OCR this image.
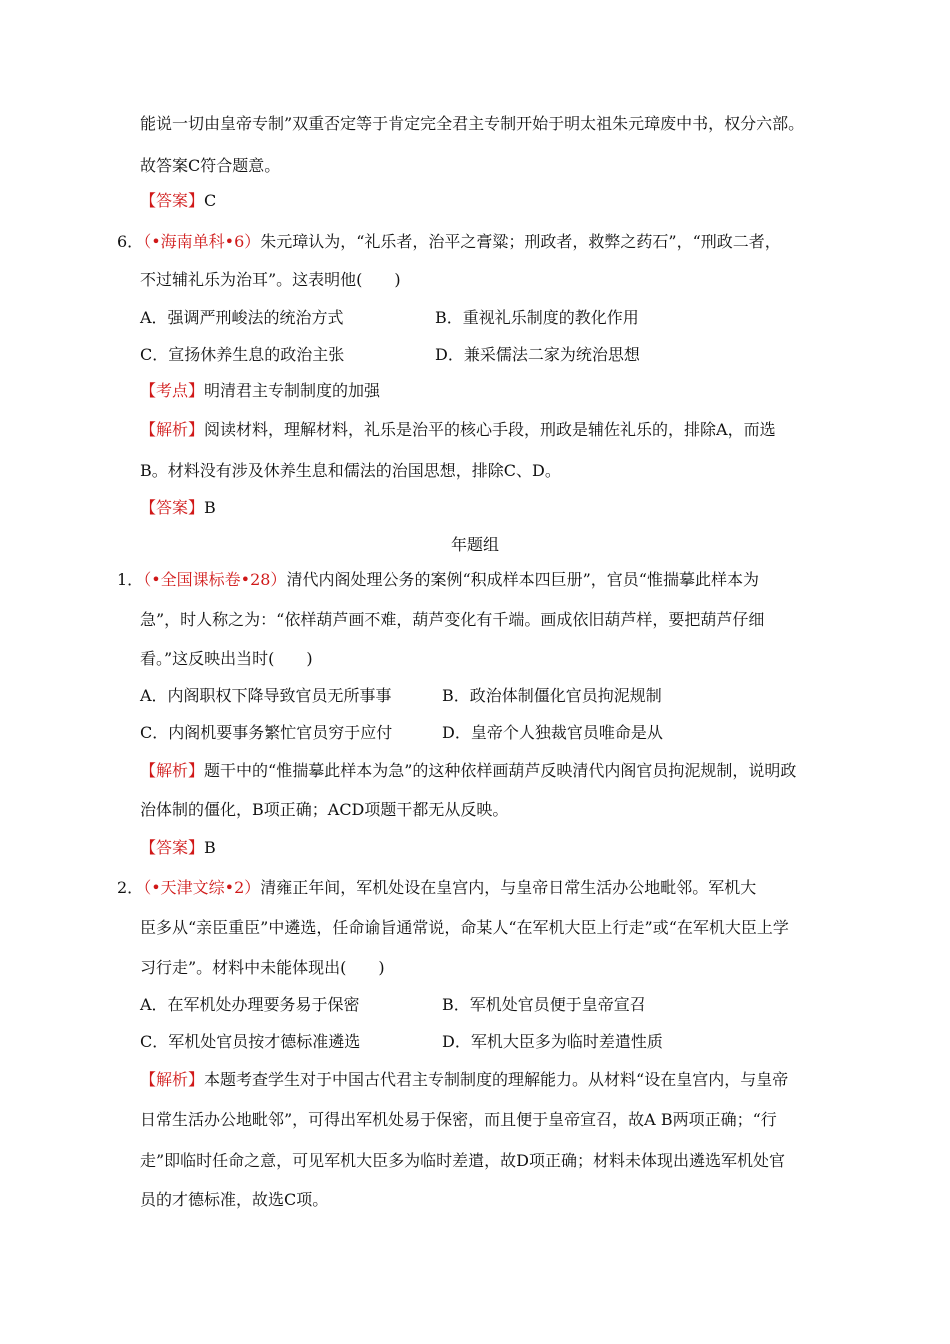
能说一切由皇帝专制”双重否定等于肯定完全君主专制开始于明太祖朱元璋废中书，权分六部。
故答案C符合题意。
【答案】C
6．（•海南单科•6）朱元璋认为，“礼乐者，治平之膏粱；刑政者，救弊之药石”，“刑政二者，
不过辅礼乐为治耳”。这表明他(　　)
A．强调严刑峻法的统治方式	B．重视礼乐制度的教化作用
C．宣扬休养生息的政治主张	D．兼采儒法二家为统治思想
【考点】明清君主专制制度的加强
【解析】阅读材料，理解材料，礼乐是治平的核心手段，刑政是辅佐礼乐的，排除A，而选
B。材料没有涉及休养生息和儒法的治国思想，排除C、D。
【答案】B
年题组
1．（•全国课标卷•28）清代内阁处理公务的案例“积成样本四巨册”，官员“惟揣摹此样本为
急”，时人称之为：“依样葫芦画不难，葫芦变化有千端。画成依旧葫芦样，要把葫芦仔细
看。”这反映出当时(　　)
A．内阁职权下降导致官员无所事事	B．政治体制僵化官员拘泥规制
C．内阁机要事务繁忙官员穷于应付	D．皇帝个人独裁官员唯命是从
【解析】题干中的“惟揣摹此样本为急”的这种依样画葫芦反映清代内阁官员拘泥规制，说明政
治体制的僵化，B项正确；ACD项题干都无从反映。
【答案】B
2．（•天津文综•2）清雍正年间，军机处设在皇宫内，与皇帝日常生活办公地毗邻。军机大
臣多从“亲臣重臣”中遴选，任命谕旨通常说，命某人“在军机大臣上行走”或“在军机大臣上学
习行走”。材料中未能体现出(　　)
A．在军机处办理要务易于保密	B．军机处官员便于皇帝宣召
C．军机处官员按才德标准遴选	D．军机大臣多为临时差遣性质
【解析】本题考查学生对于中国古代君主专制制度的理解能力。从材料“设在皇宫内，与皇帝
日常生活办公地毗邻”，可得出军机处易于保密，而且便于皇帝宣召，故A B两项正确；“行
走”即临时任命之意，可见军机大臣多为临时差遣，故D项正确；材料未体现出遴选军机处官
员的才德标准，故选C项。
